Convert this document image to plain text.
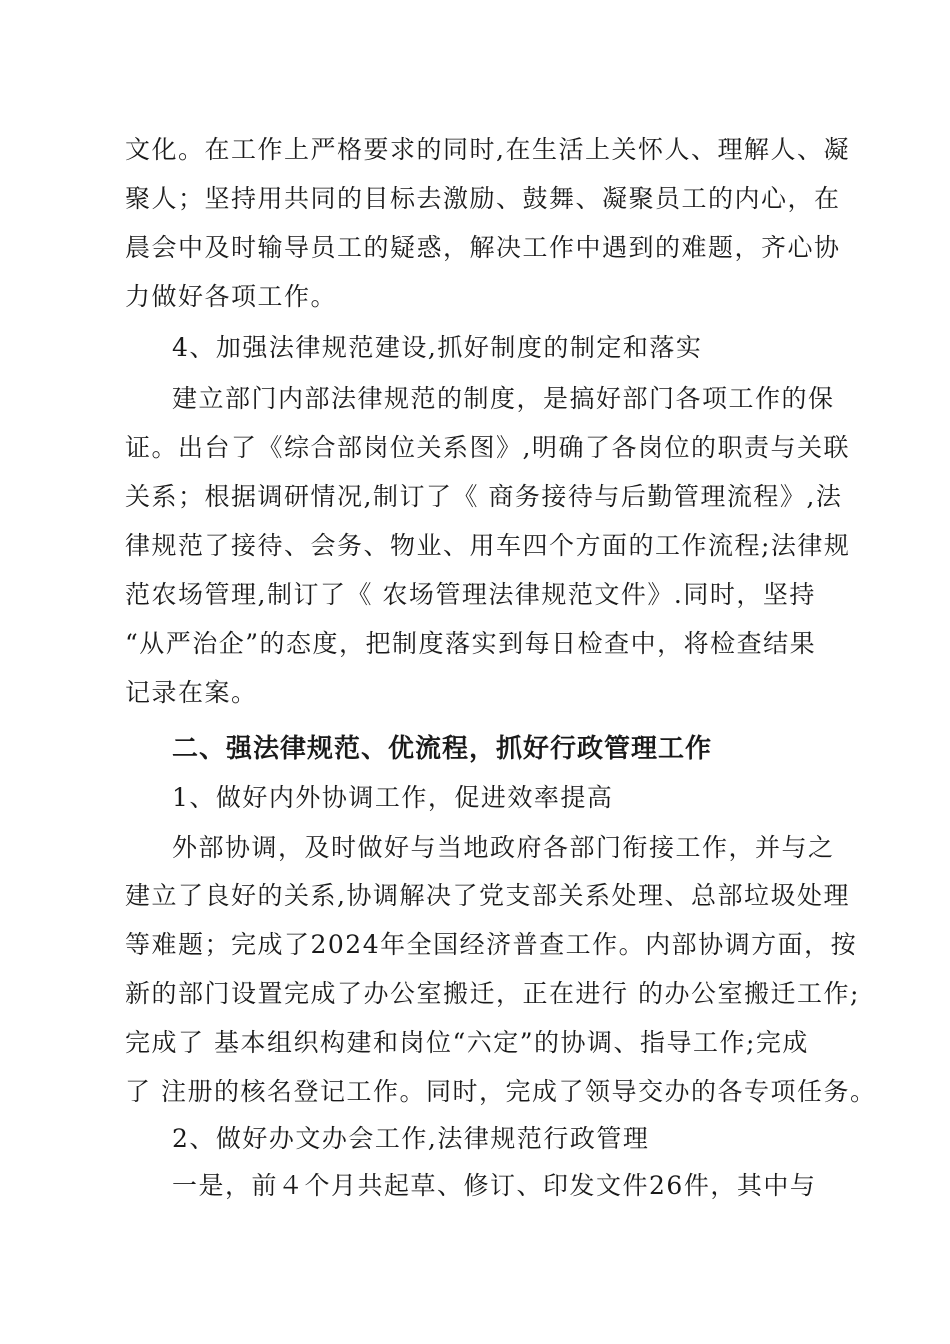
文化。在工作上严格要求的同时,在生活上关怀人、理解人、凝
聚人；坚持用共同的目标去激励、鼓舞、凝聚员工的内心，在
晨会中及时输导员工的疑惑，解决工作中遇到的难题，齐心协
力做好各项工作。
4、加强法律规范建设,抓好制度的制定和落实
建立部门内部法律规范的制度，是搞好部门各项工作的保
证。出台了《综合部岗位关系图》,明确了各岗位的职责与关联
关系；根据调研情况,制订了《 商务接待与后勤管理流程》,法
律规范了接待、会务、物业、用车四个方面的工作流程;法律规
范农场管理,制订了《 农场管理法律规范文件》.同时，坚持
“从严治企”的态度，把制度落实到每日检查中，将检查结果
记录在案。
二、强法律规范、优流程，抓好行政管理工作
1、做好内外协调工作，促进效率提高
外部协调，及时做好与当地政府各部门衔接工作，并与之
建立了良好的关系,协调解决了党支部关系处理、总部垃圾处理
等难题；完成了2024年全国经济普查工作。内部协调方面，按
新的部门设置完成了办公室搬迁，正在进行 的办公室搬迁工作;
完成了 基本组织构建和岗位“六定”的协调、指导工作;完成
了 注册的核名登记工作。同时，完成了领导交办的各专项任务。
2、做好办文办会工作,法律规范行政管理
一是，前４个月共起草、修订、印发文件26件，其中与
